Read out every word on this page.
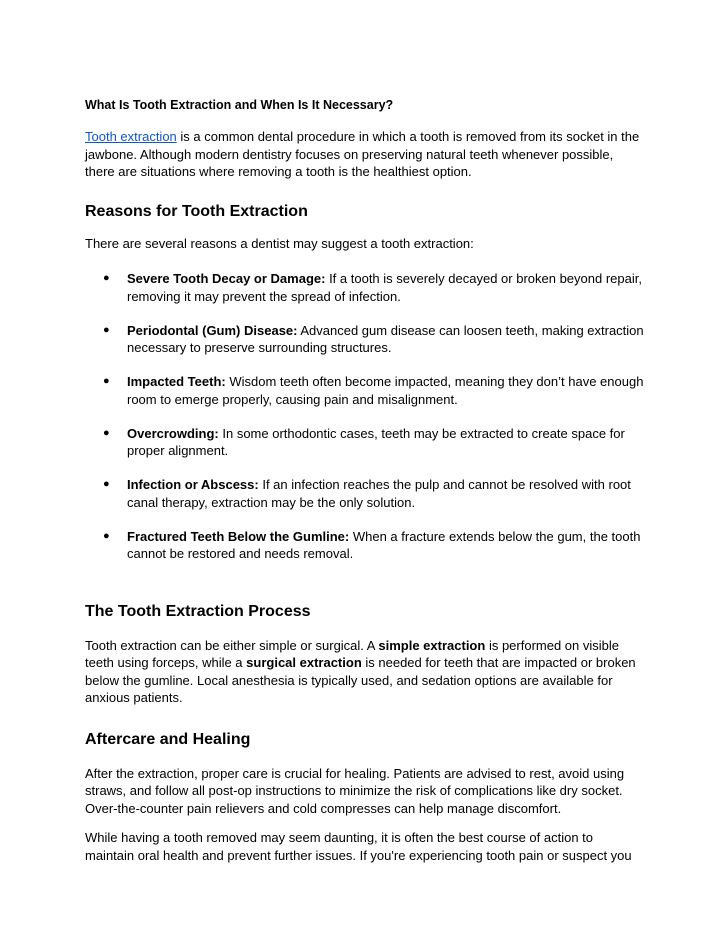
What Is Tooth Extraction and When Is It Necessary?

Tooth extraction is a common dental procedure in which a tooth is removed from its socket in the jawbone. Although modern dentistry focuses on preserving natural teeth whenever possible, there are situations where removing a tooth is the healthiest option.

Reasons for Tooth Extraction

There are several reasons a dentist may suggest a tooth extraction:

● Severe Tooth Decay or Damage: If a tooth is severely decayed or broken beyond repair, removing it may prevent the spread of infection.
● Periodontal (Gum) Disease: Advanced gum disease can loosen teeth, making extraction necessary to preserve surrounding structures.
● Impacted Teeth: Wisdom teeth often become impacted, meaning they don’t have enough room to emerge properly, causing pain and misalignment.
● Overcrowding: In some orthodontic cases, teeth may be extracted to create space for proper alignment.
● Infection or Abscess: If an infection reaches the pulp and cannot be resolved with root canal therapy, extraction may be the only solution.
● Fractured Teeth Below the Gumline: When a fracture extends below the gum, the tooth cannot be restored and needs removal.
The Tooth Extraction Process

Tooth extraction can be either simple or surgical. A simple extraction is performed on visible teeth using forceps, while a surgical extraction is needed for teeth that are impacted or broken below the gumline. Local anesthesia is typically used, and sedation options are available for anxious patients.

Aftercare and Healing

After the extraction, proper care is crucial for healing. Patients are advised to rest, avoid using straws, and follow all post-op instructions to minimize the risk of complications like dry socket. Over-the-counter pain relievers and cold compresses can help manage discomfort.

While having a tooth removed may seem daunting, it is often the best course of action to maintain oral health and prevent further issues. If you're experiencing tooth pain or suspect you
